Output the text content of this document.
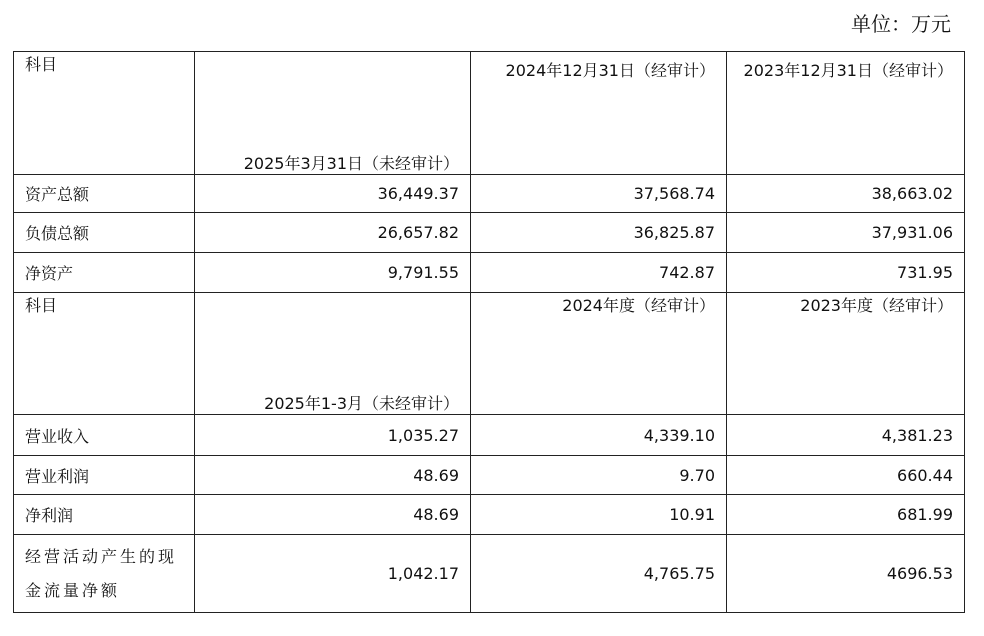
单位：万元
科目	2025年3月31日（未经审计）	2024年12月31日（经审计）	2023年12月31日（经审计）
资产总额	36,449.37	37,568.74	38,663.02
负债总额	26,657.82	36,825.87	37,931.06
净资产	9,791.55	742.87	731.95
科目	2025年1-3月（未经审计）	2024年度（经审计）	2023年度（经审计）
营业收入	1,035.27	4,339.10	4,381.23
营业利润	48.69	9.70	660.44
净利润	48.69	10.91	681.99
经营活动产生的现金流量净额	1,042.17	4,765.75	4696.53
